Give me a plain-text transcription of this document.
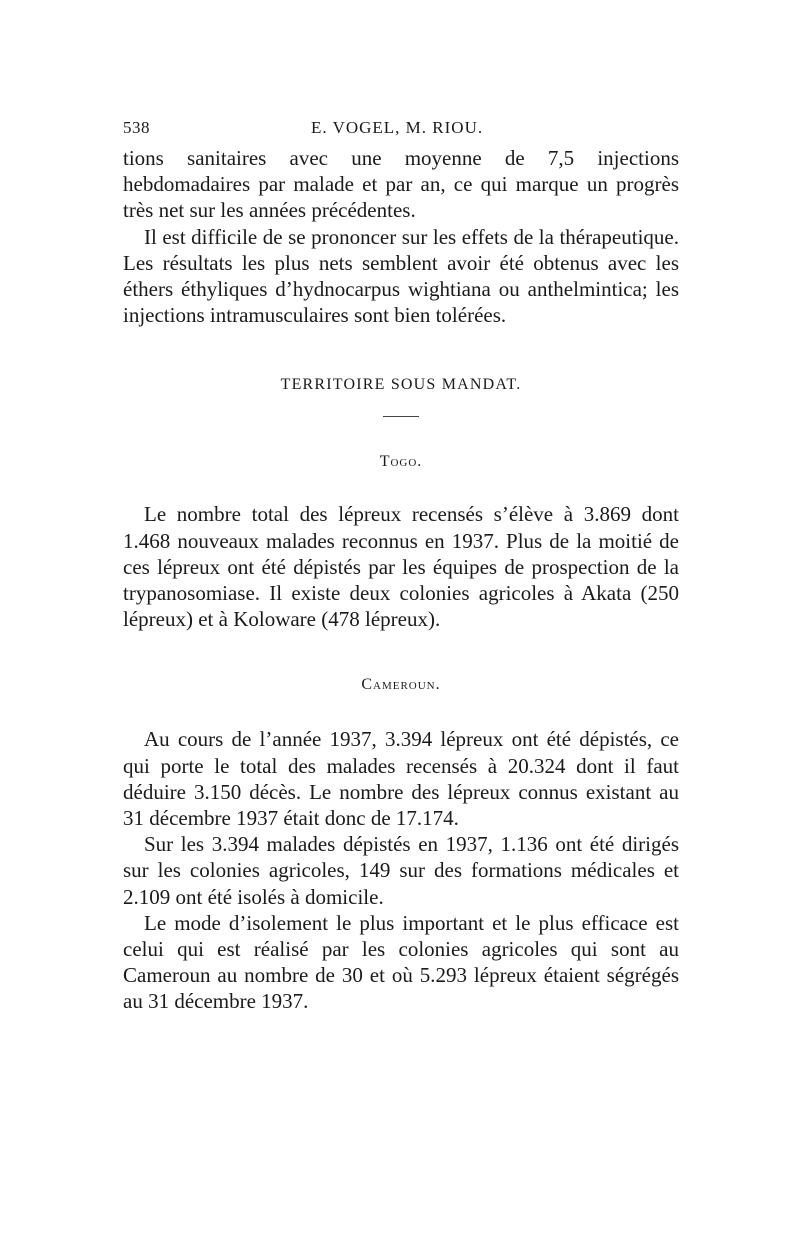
538	E. VOGEL, M. RIOU.

tions sanitaires avec une moyenne de 7,5 injections hebdomadaires par malade et par an, ce qui marque un progrès très net sur les années précédentes.

Il est difficile de se prononcer sur les effets de la thérapeutique. Les résultats les plus nets semblent avoir été obtenus avec les éthers éthyliques d’hydnocarpus wightiana ou anthelmintica; les injections intramusculaires sont bien tolérées.

TERRITOIRE SOUS MANDAT.

Togo.

Le nombre total des lépreux recensés s’élève à 3.869 dont 1.468 nouveaux malades reconnus en 1937. Plus de la moitié de ces lépreux ont été dépistés par les équipes de prospection de la trypanosomiase. Il existe deux colonies agricoles à Akata (250 lépreux) et à Koloware (478 lépreux).

Cameroun.

Au cours de l’année 1937, 3.394 lépreux ont été dépistés, ce qui porte le total des malades recensés à 20.324 dont il faut déduire 3.150 décès. Le nombre des lépreux connus existant au 31 décembre 1937 était donc de 17.174.

Sur les 3.394 malades dépistés en 1937, 1.136 ont été dirigés sur les colonies agricoles, 149 sur des formations médicales et 2.109 ont été isolés à domicile.

Le mode d’isolement le plus important et le plus efficace est celui qui est réalisé par les colonies agricoles qui sont au Cameroun au nombre de 30 et où 5.293 lépreux étaient ségrégés au 31 décembre 1937.
